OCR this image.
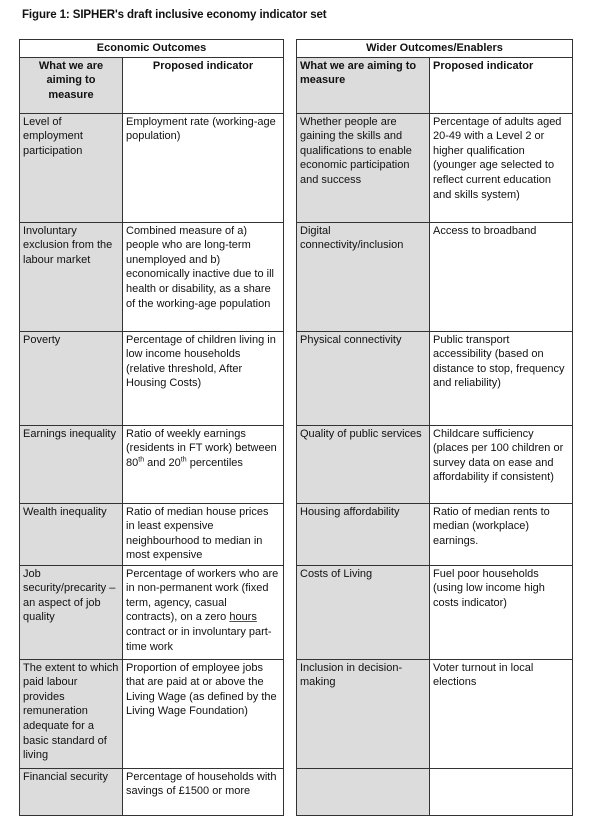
Figure 1: SIPHER's draft inclusive economy indicator set
Economic Outcomes	
What we are aiming to measure	Proposed indicator
Level of employment participation	Employment rate (working-age population)
Involuntary exclusion from the labour market	Combined measure of a) people who are long-term unemployed and b) economically inactive due to ill health or disability, as a share of the working-age population
Poverty	Percentage of children living in low income households (relative threshold, After Housing Costs)
Earnings inequality	Ratio of weekly earnings (residents in FT work) between 80th and 20th percentiles
Wealth inequality	Ratio of median house prices in least expensive neighbourhood to median in most expensive
Job security/precarity – an aspect of job quality	Percentage of workers who are in non-permanent work (fixed term, agency, casual contracts), on a zero hours contract or in involuntary part-time work
The extent to which paid labour provides remuneration adequate for a basic standard of living	Proportion of employee jobs that are paid at or above the Living Wage (as defined by the Living Wage Foundation)
Financial security	Percentage of households with savings of £1500 or more
Wider Outcomes/Enablers	
What we are aiming to measure	Proposed indicator
Whether people are gaining the skills and qualifications to enable economic participation and success	Percentage of adults aged 20-49 with a Level 2 or higher qualification (younger age selected to reflect current education and skills system)
Digital connectivity/inclusion	Access to broadband
Physical connectivity	Public transport accessibility (based on distance to stop, frequency and reliability)
Quality of public services	Childcare sufficiency (places per 100 children or survey data on ease and affordability if consistent)
Housing affordability	Ratio of median rents to median (workplace) earnings.
Costs of Living	Fuel poor households (using low income high costs indicator)
Inclusion in decision-making	Voter turnout in local elections
